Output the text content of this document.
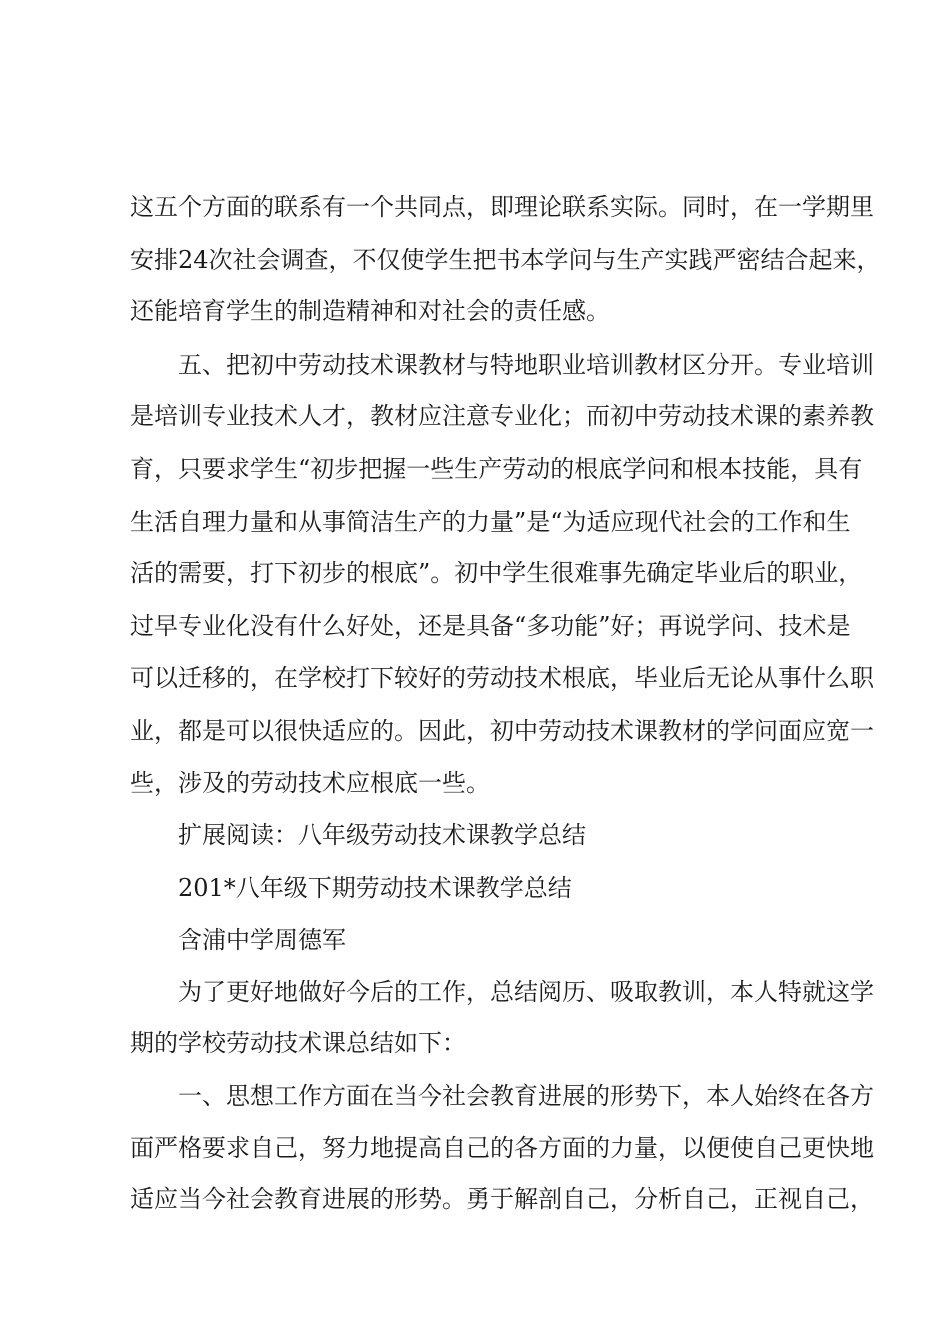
这五个方面的联系有一个共同点，即理论联系实际。同时，在一学期里
安排24次社会调查，不仅使学生把书本学问与生产实践严密结合起来，
还能培育学生的制造精神和对社会的责任感。
五、把初中劳动技术课教材与特地职业培训教材区分开。专业培训
是培训专业技术人才，教材应注意专业化；而初中劳动技术课的素养教
育，只要求学生“初步把握一些生产劳动的根底学问和根本技能，具有
生活自理力量和从事简洁生产的力量”是“为适应现代社会的工作和生
活的需要，打下初步的根底”。初中学生很难事先确定毕业后的职业，
过早专业化没有什么好处，还是具备“多功能”好；再说学问、技术是
可以迁移的，在学校打下较好的劳动技术根底，毕业后无论从事什么职
业，都是可以很快适应的。因此，初中劳动技术课教材的学问面应宽一
些，涉及的劳动技术应根底一些。
扩展阅读：八年级劳动技术课教学总结
201*八年级下期劳动技术课教学总结
含浦中学周德军
为了更好地做好今后的工作，总结阅历、吸取教训，本人特就这学
期的学校劳动技术课总结如下：
一、思想工作方面在当今社会教育进展的形势下，本人始终在各方
面严格要求自己，努力地提高自己的各方面的力量，以便使自己更快地
适应当今社会教育进展的形势。勇于解剖自己，分析自己，正视自己，
